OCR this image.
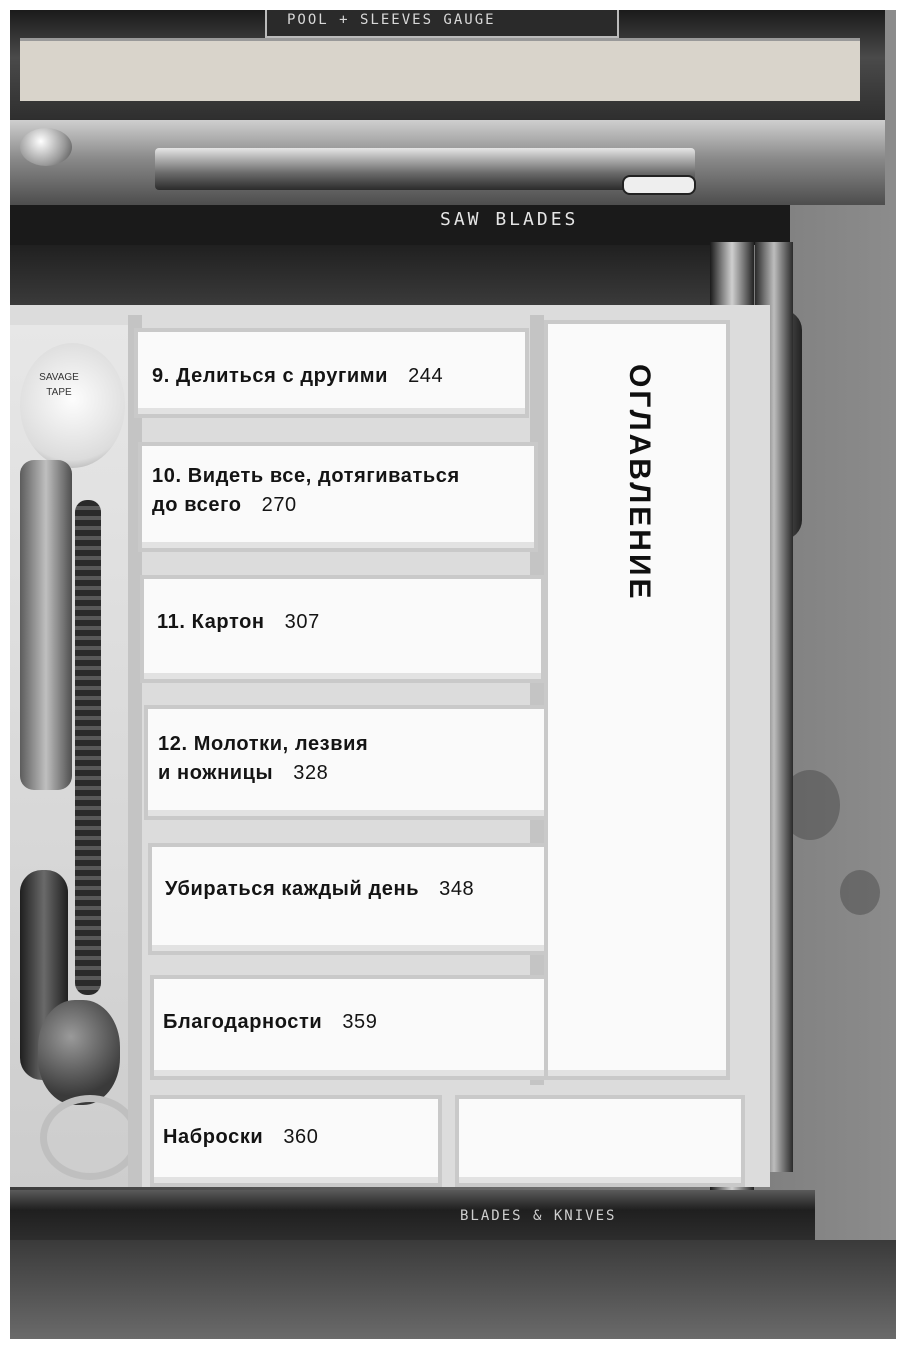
POOL + SLEEVES GAUGE
SAW BLADES
SAVAGE
TAPE	ОГЛАВЛЕНИЕ
9. Делиться с другими 244
10. Видеть все, дотягиваться
до всего 270
11. Картон 307
12. Молотки, лезвия
и ножницы 328
Убираться каждый день 348
Благодарности 359
Наброски 360
BLADES & KNIVES
